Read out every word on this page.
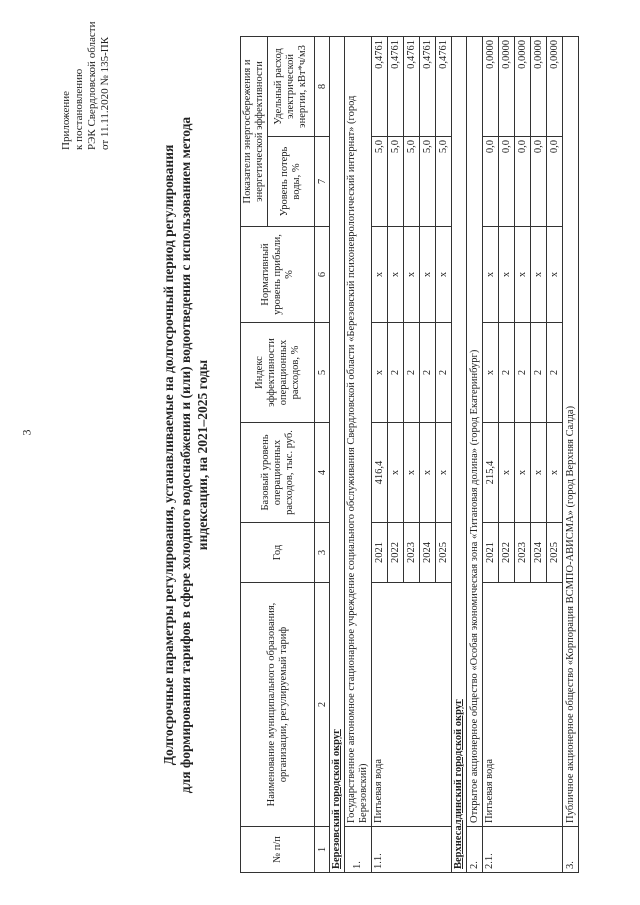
3
Приложение к постановлению РЭК Свердловской области от 11.11.2020 № 135-ПК
Долгосрочные параметры регулирования, устанавливаемые на долгосрочный период регулирования для формирования тарифов в сфере холодного водоснабжения и (или) водоотведения с использованием метода индексации, на 2021–2025 годы
№ п/п	Наименование муниципального образования, организации, регулируемый тариф	Год	Базовый уровень операционных расходов, тыс. руб.	Индекс эффективности операционных расходов, %	Нормативный уровень прибыли, %	Показатели энергосбережения и энергетической эффективности	
						Уровень потерь воды, %	Удельный расход электрической энергии, кВт*ч/м3
1	2	3	4	5	6	7	8
Березовский городской округ							
1.	Государственное автономное стационарное учреждение социального обслуживания Свердловской области «Березовский психоневрологический интернат» (город Березовский)						
1.1.	Питьевая вода	2021	416,4	х	х	5,0	0,4761
		2022	х	2	х	5,0	0,4761
		2023	х	2	х	5,0	0,4761
		2024	х	2	х	5,0	0,4761
		2025	х	2	х	5,0	0,4761
Верхнесалдинский городской округ							
2.	Открытое акционерное общество «Особая экономическая зона «Титановая долина» (город Екатеринбург)						
2.1.	Питьевая вода	2021	215,4	х	х	0,0	0,0000
		2022	х	2	х	0,0	0,0000
		2023	х	2	х	0,0	0,0000
		2024	х	2	х	0,0	0,0000
		2025	х	2	х	0,0	0,0000
3.	Публичное акционерное общество «Корпорация ВСМПО-АВИСМА» (город Верхняя Салда)						
